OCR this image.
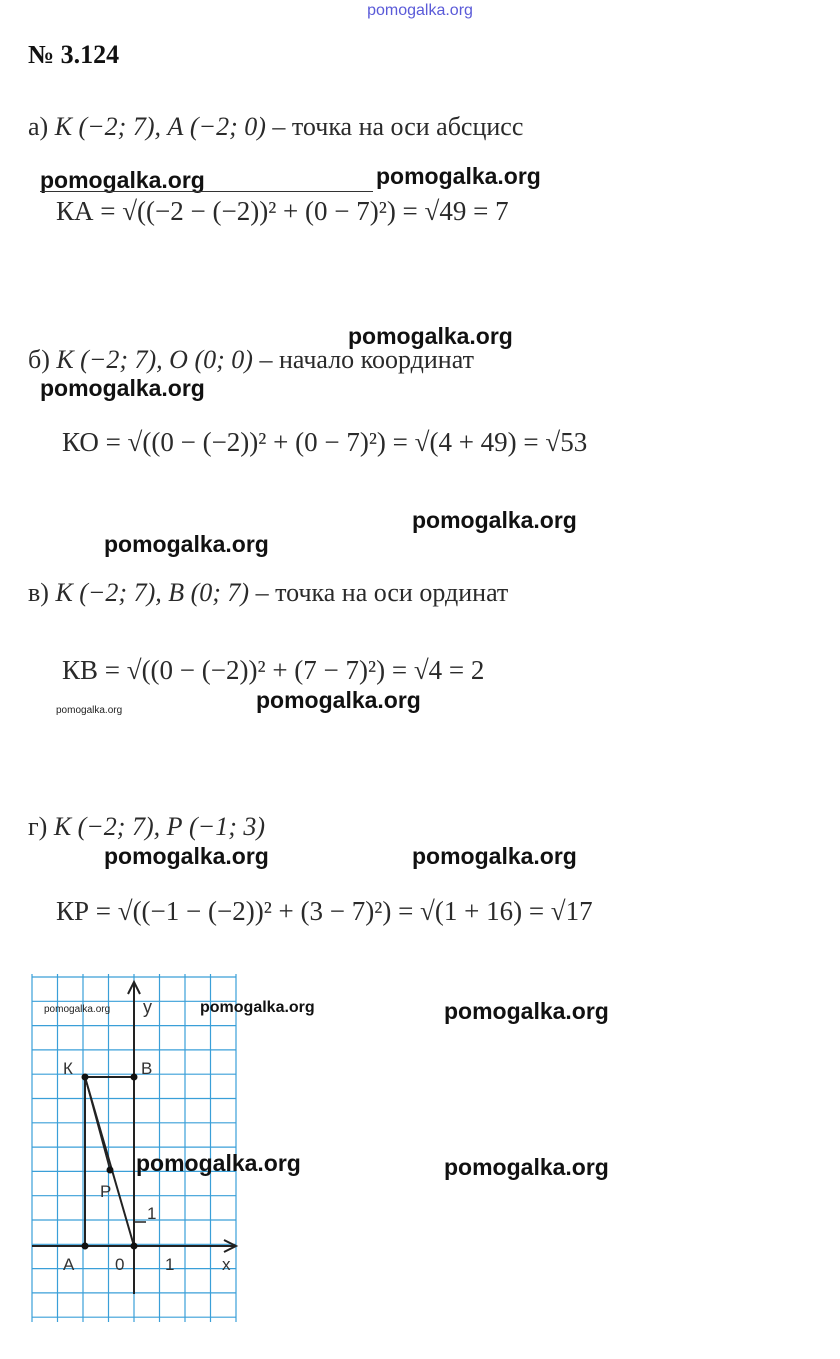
pomogalka.org
№ 3.124
а) К (−2; 7), А (−2; 0) – точка на оси абсцисс
pomogalka.org	pomogalka.org
КА = √((−2 − (−2))² + (0 − 7)²) = √49 = 7
pomogalka.org
б) К (−2; 7), О (0; 0) – начало координат
pomogalka.org
КО = √((0 − (−2))² + (0 − 7)²) = √(4 + 49) = √53
pomogalka.org
pomogalka.org
в) К (−2; 7), В (0; 7) – точка на оси ординат
КВ = √((0 − (−2))² + (7 − 7)²) = √4 = 2
pomogalka.org	pomogalka.org
г) К (−2; 7), Р (−1; 3)
pomogalka.org	pomogalka.org
КР = √((−1 − (−2))² + (3 − 7)²) = √(1 + 16) = √17
y
x
К	B
P
A 0 1
1
pomogalka.org	pomogalka.org	pomogalka.org
pomogalka.org	pomogalka.org
